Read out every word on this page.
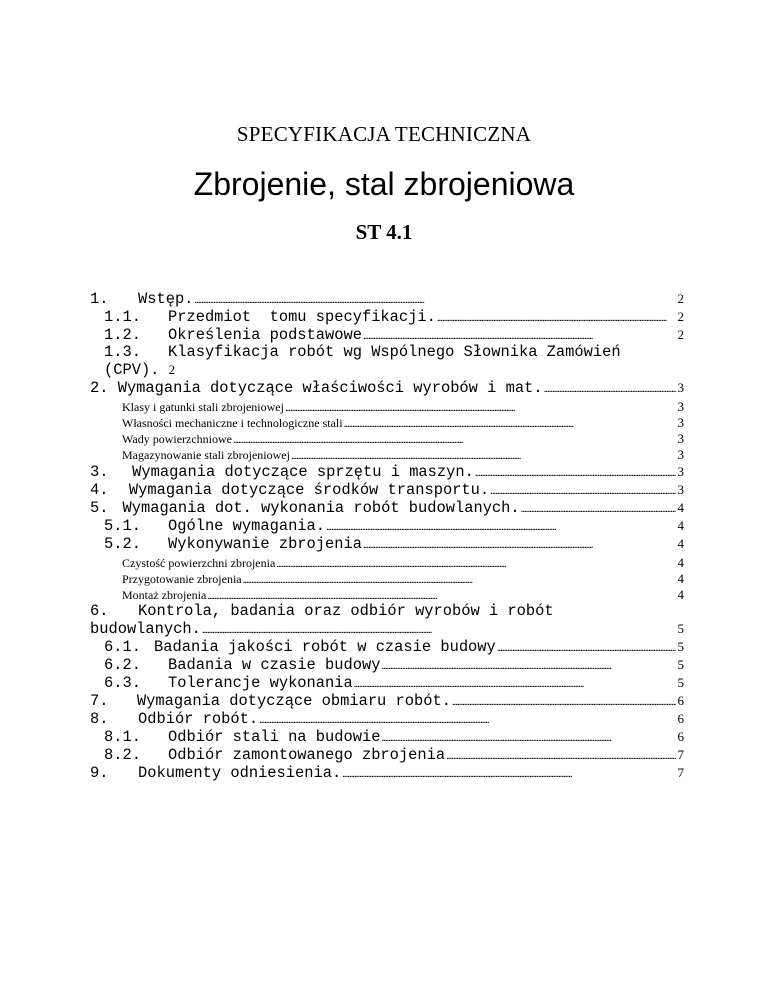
SPECYFIKACJA TECHNICZNA
Zbrojenie, stal zbrojeniowa
ST 4.1
1.	Wstęp. . . .	2
1.1.	Przedmiot  tomu specyfikacji. . . .	2
1.2.	Określenia podstawowe . . .	2
1.3. Klasyfikacja robót wg Wspólnego Słownika Zamówień
(CPV). 2
2. Wymagania dotyczące właściwości wyrobów i mat. . . .	3
Klasy i gatunki stali zbrojeniowej . . .	3
Własności mechaniczne i technologiczne stali . . .	3
Wady powierzchniowe . . .	3
Magazynowanie stali zbrojeniowej . . .	3
3.	Wymagania dotyczące sprzętu i maszyn. . . .	3
4.	Wymagania dotyczące środków transportu. . . .	3
5. Wymagania dot. wykonania robót budowlanych. . . .	4
5.1.	Ogólne wymagania. . . .	4
5.2.	Wykonywanie zbrojenia . . .	4
Czystość powierzchni zbrojenia . . .	4
Przygotowanie zbrojenia . . .	4
Montaż zbrojenia . . .	4
6. Kontrola, badania oraz odbiór wyrobów i robót
budowlanych. . . .	5
6.1. Badania jakości robót w czasie budowy . . .	5
6.2.	Badania w czasie budowy . . .	5
6.3.	Tolerancje wykonania . . .	5
7.	Wymagania dotyczące obmiaru robót. . . .	6
8.	Odbiór robót. . . .	6
8.1.	Odbiór stali na budowie . . .	6
8.2.	Odbiór zamontowanego zbrojenia . . .	7
9.	Dokumenty odniesienia. . . .	7
